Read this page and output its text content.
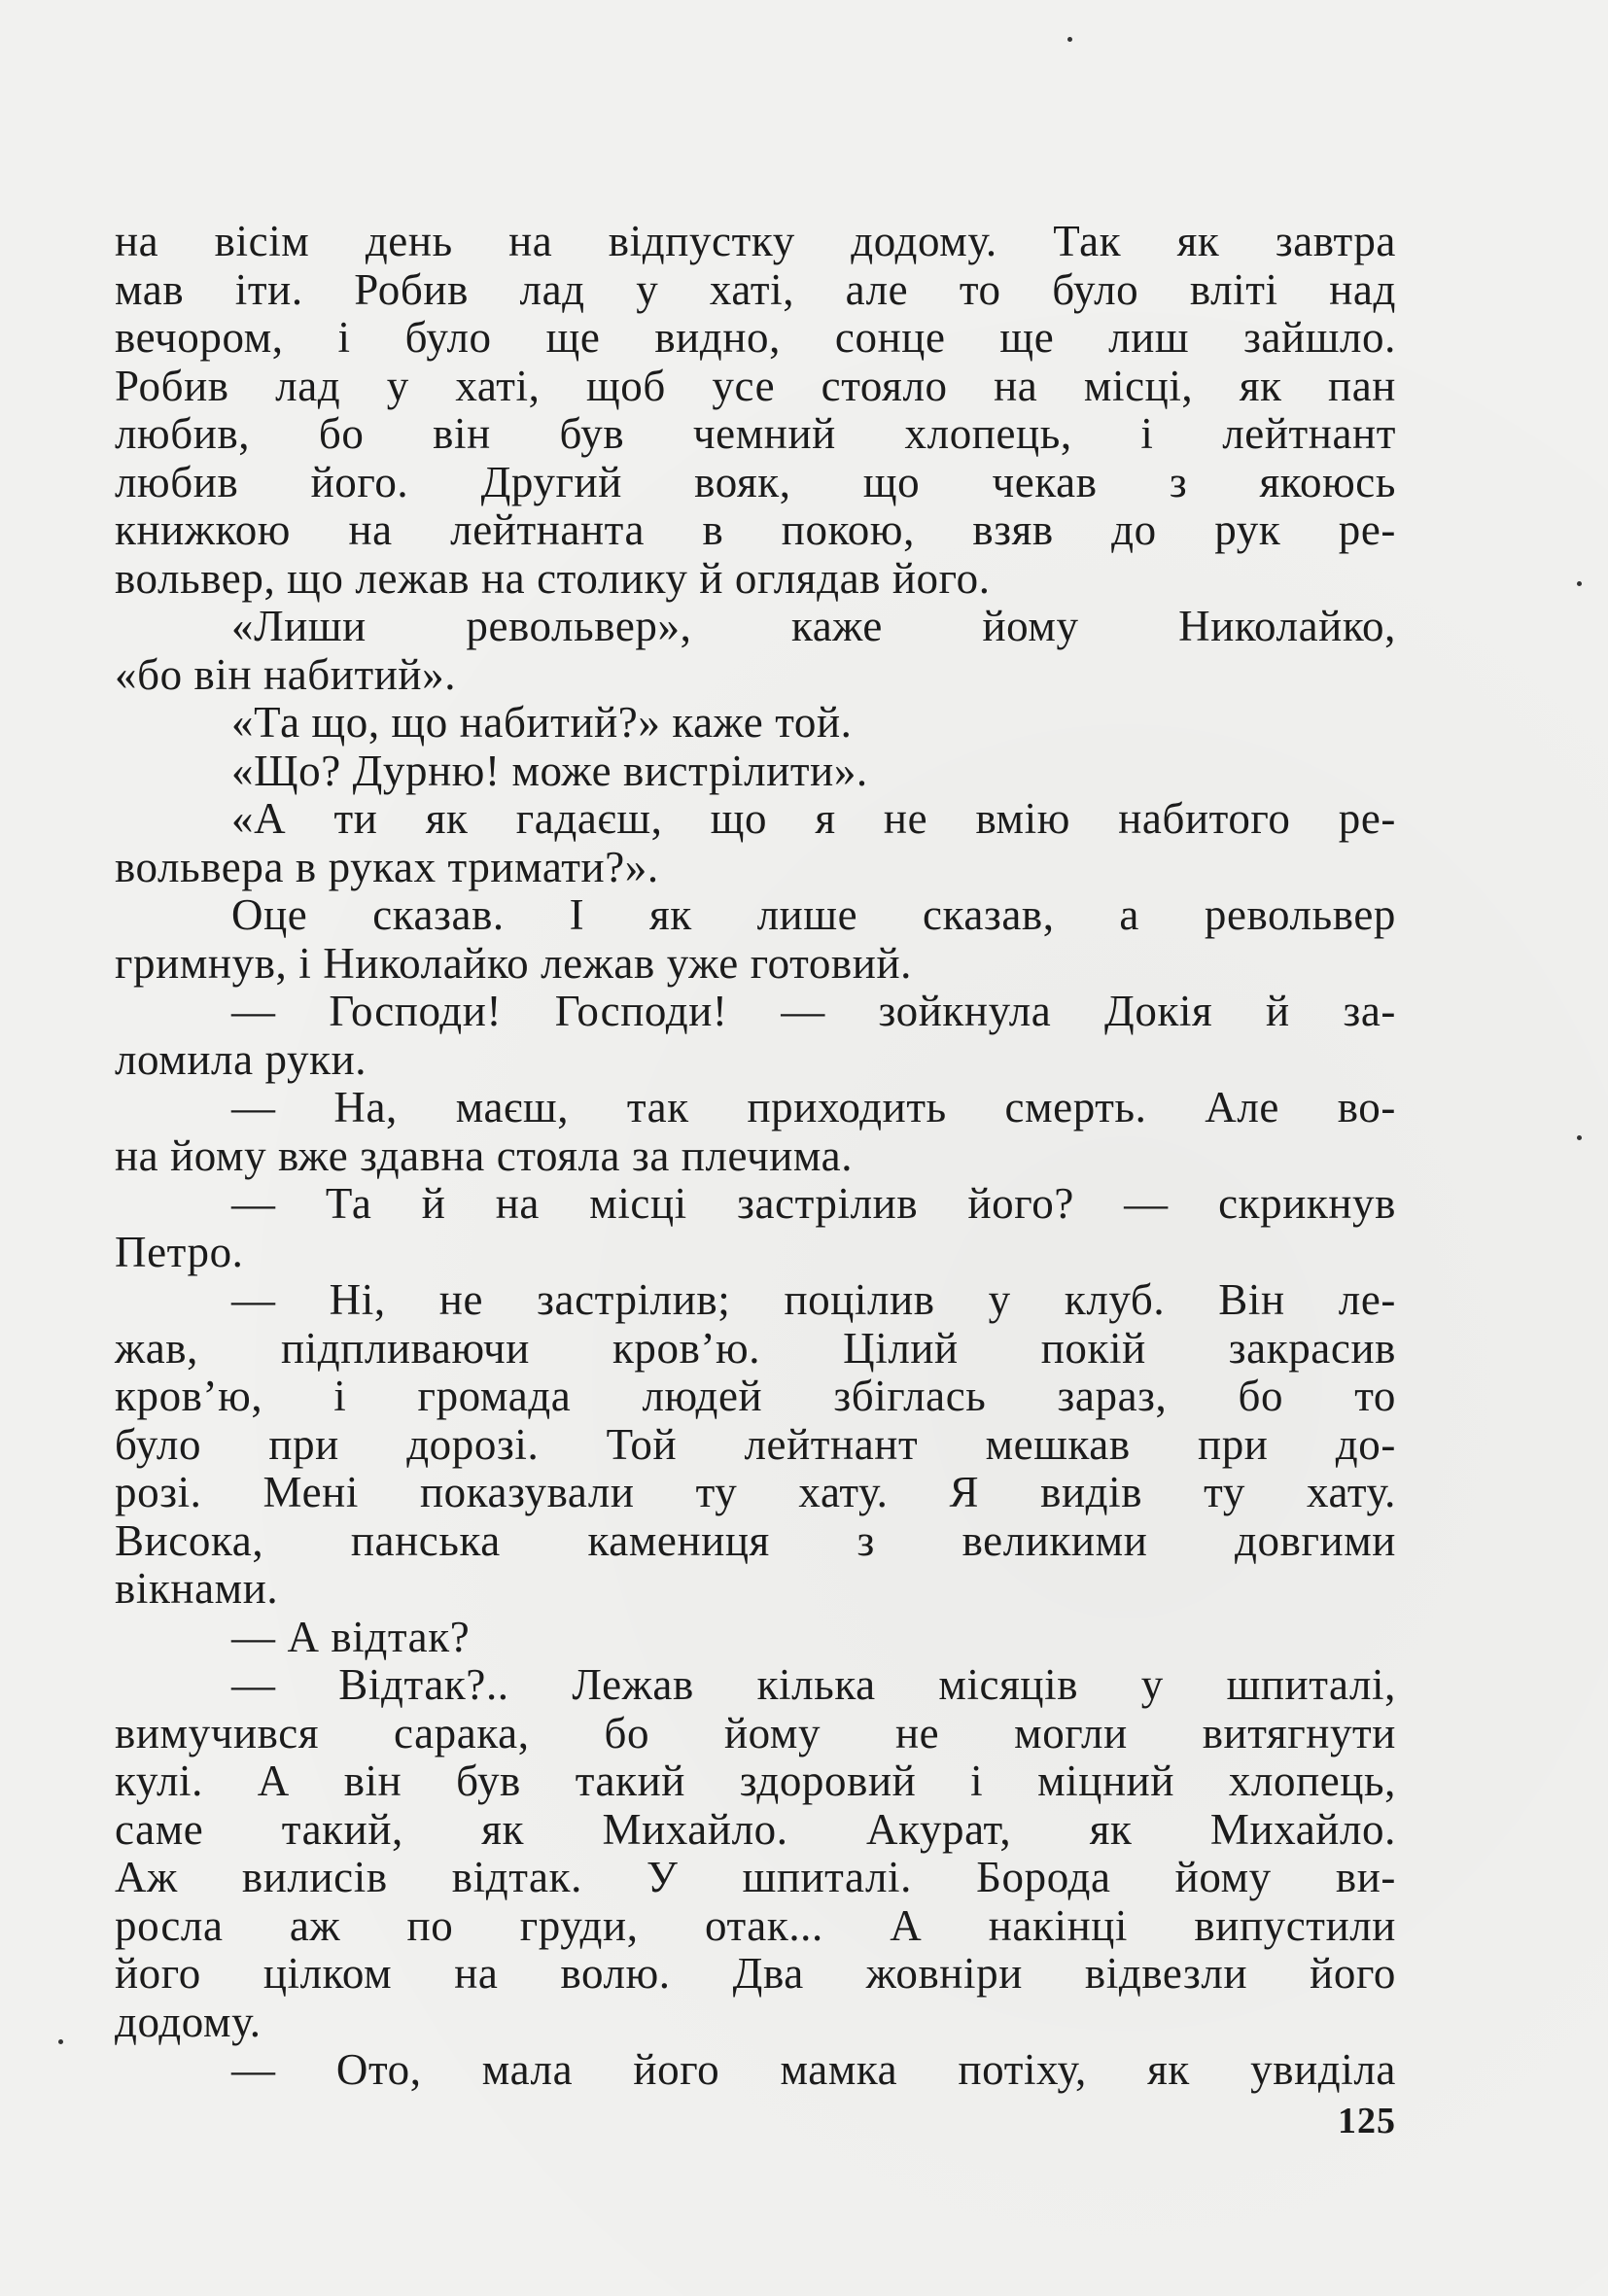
на вісім день на відпустку додому. Так як завтра
мав іти. Робив лад у хаті, але то було вліті над
вечором, і було ще видно, сонце ще лиш зайшло.
Робив лад у хаті, щоб усе стояло на місці, як пан
любив, бо він був чемний хлопець, і лейтнант
любив його. Другий вояк, що чекав з якоюсь
книжкою на лейтнанта в покою, взяв до рук ре-
вольвер, що лежав на столику й оглядав його.
«Лиши револьвер», каже йому Николайко,
«бо він набитий».
«Та що, що набитий?» каже той.
«Що? Дурню! може вистрілити».
«А ти як гадаєш, що я не вмію набитого ре-
вольвера в руках тримати?».
Оце сказав. І як лише сказав, а револьвер
гримнув, і Николайко лежав уже готовий.
— Господи! Господи! — зойкнула Докія й за-
ломила руки.
— На, маєш, так приходить смерть. Але во-
на йому вже здавна стояла за плечима.
— Та й на місці застрілив його? — скрикнув
Петро.
— Ні, не застрілив; поцілив у клуб. Він ле-
жав, підпливаючи кров’ю. Цілий покій закрасив
кров’ю, і громада людей збіглась зараз, бо то
було при дорозі. Той лейтнант мешкав при до-
розі. Мені показували ту хату. Я видів ту хату.
Висока, панська камениця з великими довгими
вікнами.
— А відтак?
— Відтак?.. Лежав кілька місяців у шпиталі,
вимучився сарака, бо йому не могли витягнути
кулі. А він був такий здоровий і міцний хлопець,
саме такий, як Михайло. Акурат, як Михайло.
Аж вилисів відтак. У шпиталі. Борода йому ви-
росла аж по груди, отак... А накінці випустили
його цілком на волю. Два жовніри відвезли його
додому.
— Ото, мала його мамка потіху, як увиділа
125
